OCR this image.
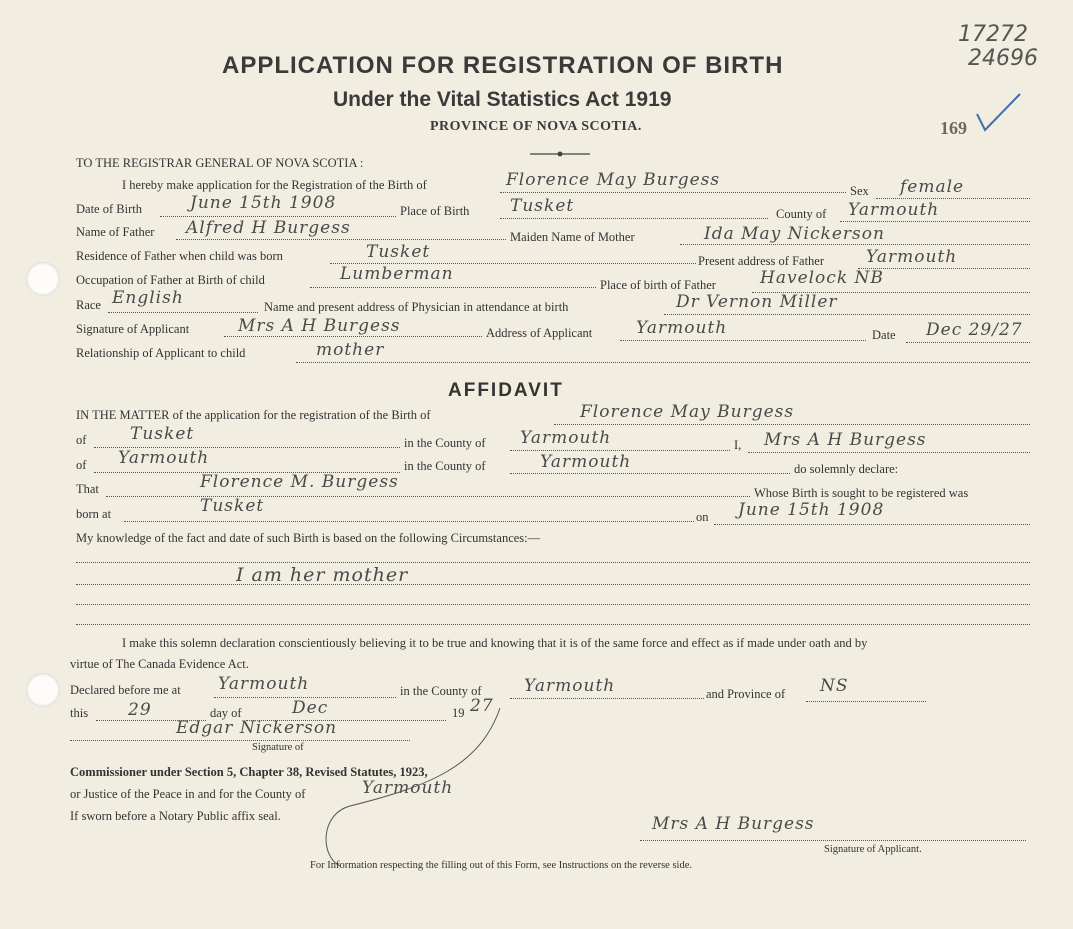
APPLICATION FOR REGISTRATION OF BIRTH
Under the Vital Statistics Act 1919
PROVINCE OF NOVA SCOTIA.
17272
24696
169
TO THE REGISTRAR GENERAL OF NOVA SCOTIA :
I hereby make application for the Registration of the Birth of	Florence May Burgess
Sex female
Date of Birth	June 15th 1908	Place of Birth Tusket	County of Yarmouth
Name of Father Alfred H Burgess	Maiden Name of Mother	Ida May Nickerson
Residence of Father when child was born	Tusket	Present address of Father Yarmouth
Occupation of Father at Birth of child	Lumberman
Place of birth of Father	Havelock NB
Race English	Name and present address of Physician in attendance at birth	Dr Vernon Miller
Signature of Applicant	Mrs A H Burgess	Address of Applicant	Yarmouth	Date Dec 29/27
Relationship of Applicant to child	mother
AFFIDAVIT
IN THE MATTER of the application for the registration of the Birth of	Florence May Burgess
of	Tusket	in the County of Yarmouth	I, Mrs A H Burgess
of Yarmouth	in the County of	Yarmouth	do solemnly declare:
That	Florence M. Burgess
Whose Birth is sought to be registered was
born at	Tusket
on June 15th 1908
My knowledge of the fact and date of such Birth is based on the following Circumstances:—
I am her mother
I make this solemn declaration conscientiously believing it to be true and knowing that it is of the same force and effect as if made under oath and by
virtue of The Canada Evidence Act.
Declared before me at Yarmouth	in the County of Yarmouth	and Province of NS
this 29	day of	Dec	19 27
Edgar Nickerson
Signature of
Commissioner under Section 5, Chapter 38, Revised Statutes, 1923,
or Justice of the Peace in and for the County of	Yarmouth
If sworn before a Notary Public affix seal.	Mrs A H Burgess
Signature of Applicant.
For Information respecting the filling out of this Form, see Instructions on the reverse side.
